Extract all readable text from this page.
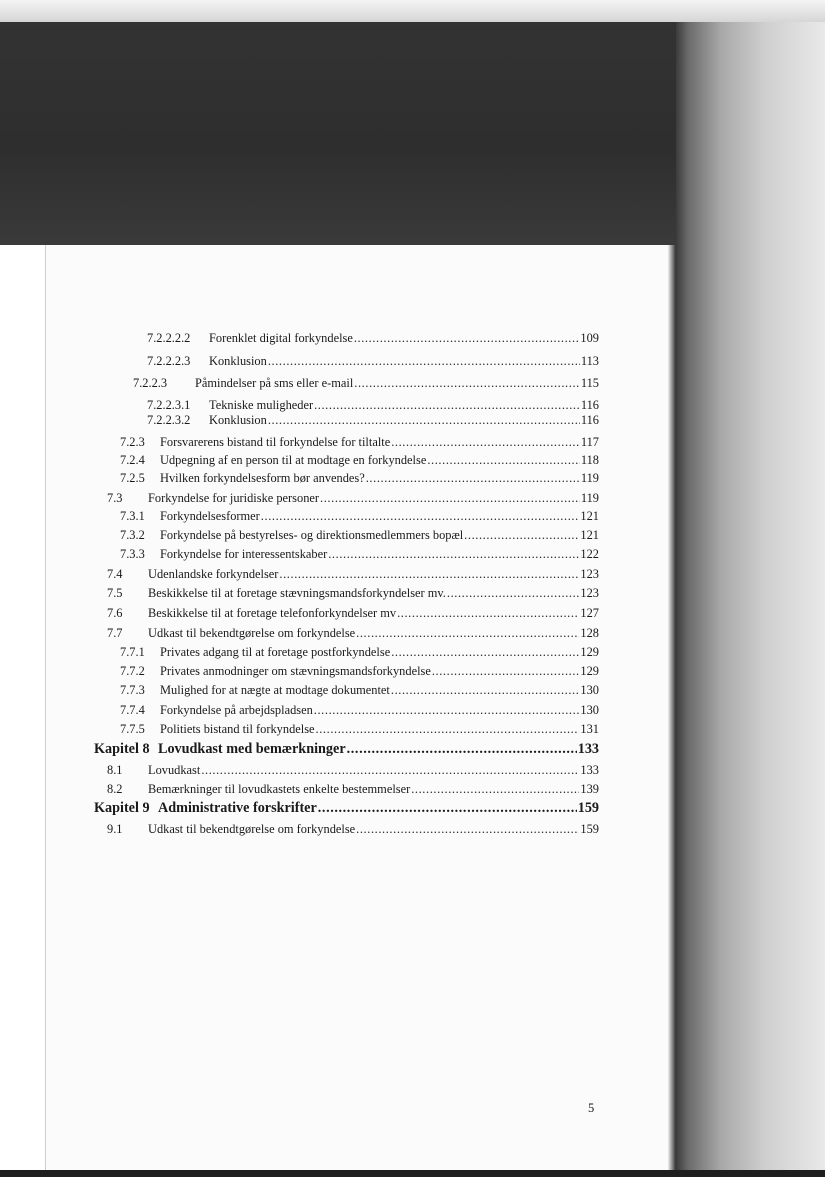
7.2.2.2.2	Forenklet digital forkyndelse .....	109
7.2.2.2.3	Konklusion .....	113
7.2.2.3	Påmindelser på sms eller e-mail .....	115
7.2.2.3.1	Tekniske muligheder .....	116
7.2.2.3.2	Konklusion .....	116
7.2.3	Forsvarerens bistand til forkyndelse for tiltalte .....	117
7.2.4	Udpegning af en person til at modtage en forkyndelse .....	118
7.2.5	Hvilken forkyndelsesform bør anvendes? .....	119
7.3	Forkyndelse for juridiske personer .....	119
7.3.1	Forkyndelsesformer .....	121
7.3.2	Forkyndelse på bestyrelses- og direktionsmedlemmers bopæl .....	121
7.3.3	Forkyndelse for interessentskaber .....	122
7.4	Udenlandske forkyndelser .....	123
7.5	Beskikkelse til at foretage stævningsmandsforkyndelser mv. .....	123
7.6	Beskikkelse til at foretage telefonforkyndelser mv .....	127
7.7	Udkast til bekendtgørelse om forkyndelse .....	128
7.7.1	Privates adgang til at foretage postforkyndelse .....	129
7.7.2	Privates anmodninger om stævningsmandsforkyndelse .....	129
7.7.3	Mulighed for at nægte at modtage dokumentet .....	130
7.7.4	Forkyndelse på arbejdspladsen .....	130
7.7.5	Politiets bistand til forkyndelse .....	131
Kapitel 8 Lovudkast med bemærkninger .....	133
8.1	Lovudkast .....	133
8.2	Bemærkninger til lovudkastets enkelte bestemmelser .....	139
Kapitel 9 Administrative forskrifter .....	159
9.1	Udkast til bekendtgørelse om forkyndelse .....	159
5
